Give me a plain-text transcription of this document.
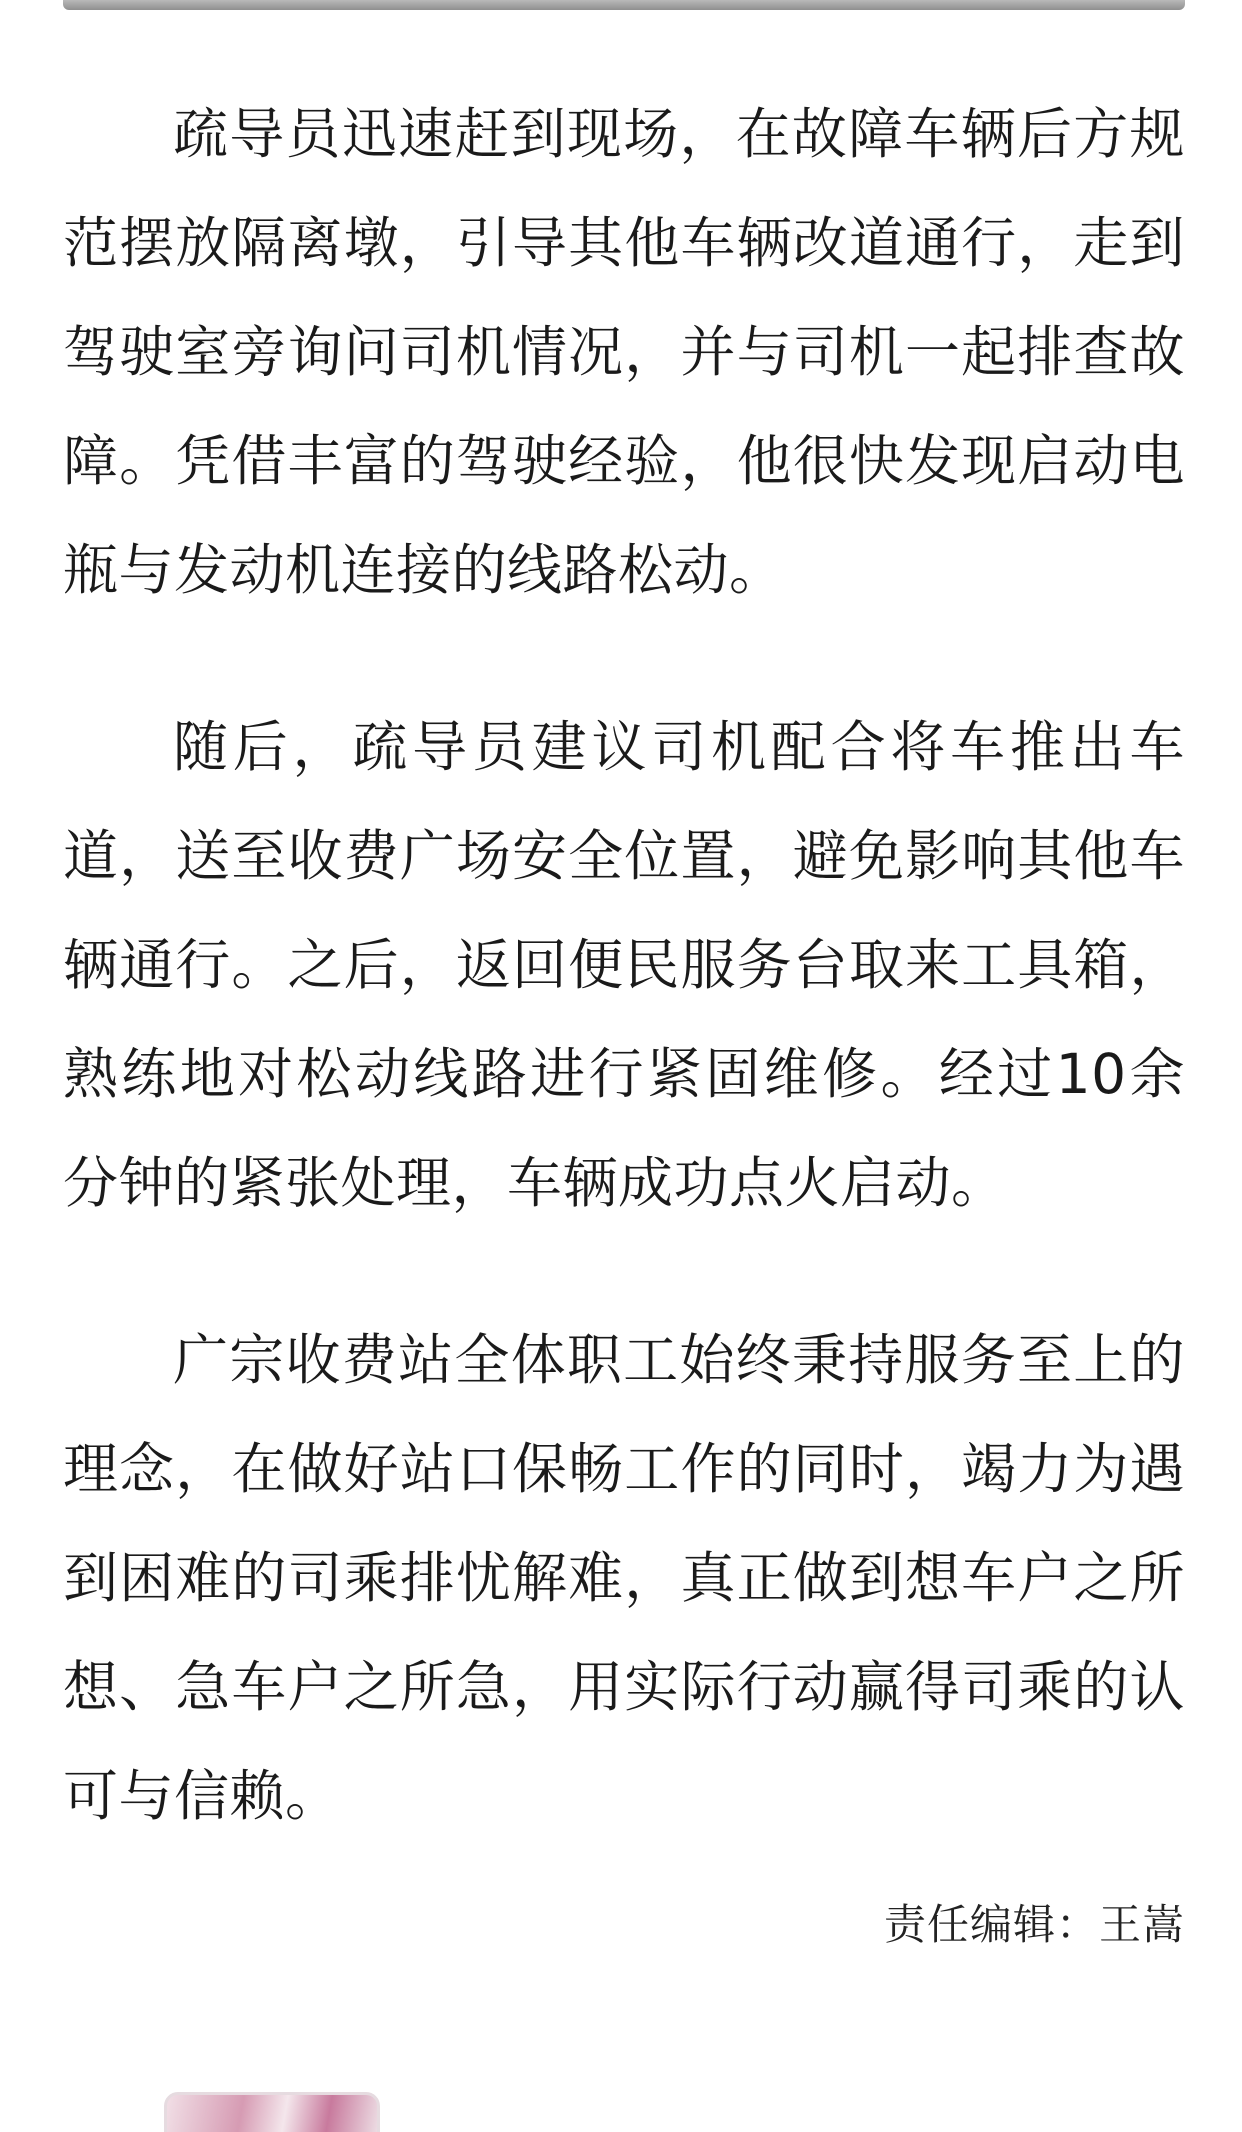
疏导员迅速赶到现场，在故障车辆后方规范摆放隔离墩，引导其他车辆改道通行，走到驾驶室旁询问司机情况，并与司机一起排查故障。凭借丰富的驾驶经验，他很快发现启动电瓶与发动机连接的线路松动。

随后，疏导员建议司机配合将车推出车道，送至收费广场安全位置，避免影响其他车辆通行。之后，返回便民服务台取来工具箱，熟练地对松动线路进行紧固维修。经过10余分钟的紧张处理，车辆成功点火启动。

广宗收费站全体职工始终秉持服务至上的理念，在做好站口保畅工作的同时，竭力为遇到困难的司乘排忧解难，真正做到想车户之所想、急车户之所急，用实际行动赢得司乘的认可与信赖。

责任编辑：王嵩
